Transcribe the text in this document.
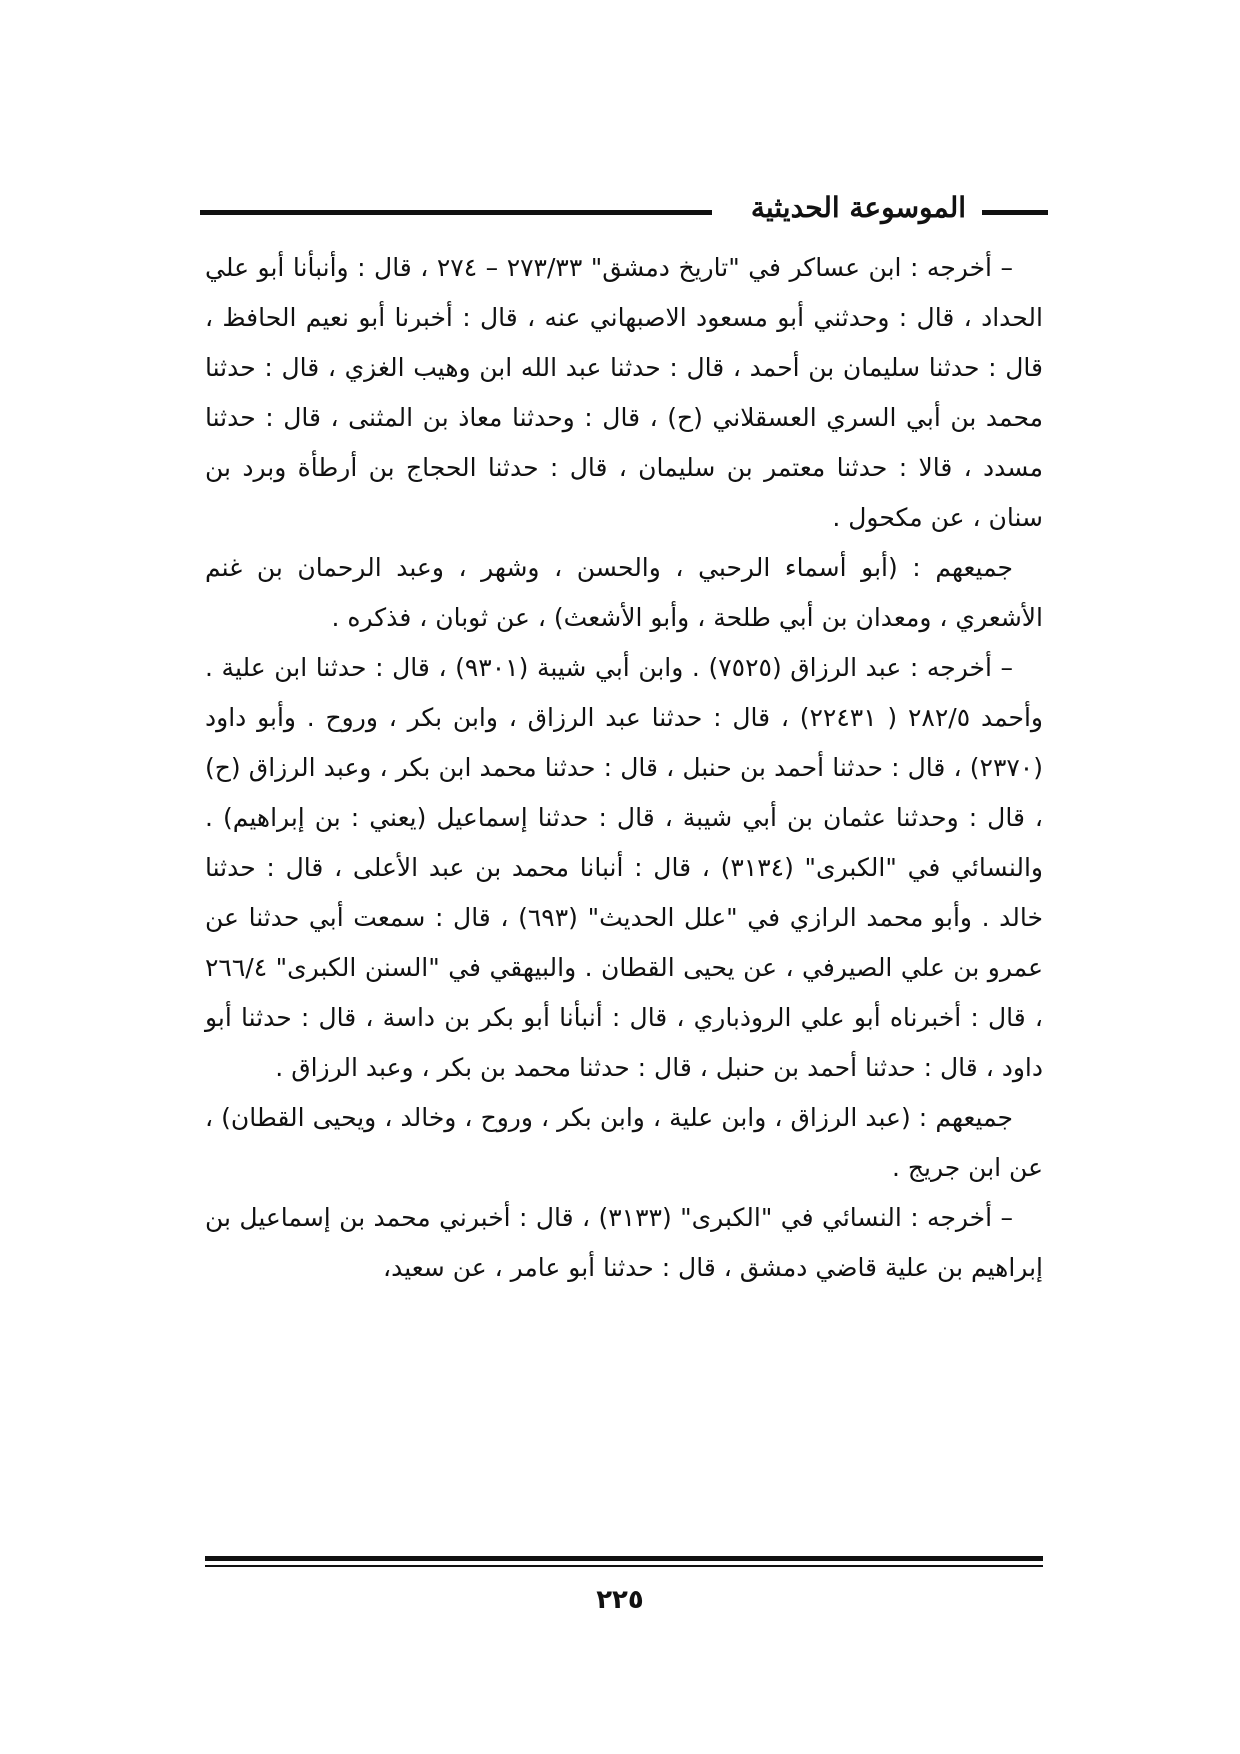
الموسوعة الحديثية

– أخرجه : ابن عساكر في "تاريخ دمشق" ٢٧٣/٣٣ – ٢٧٤ ، قال : وأنبأنا أبو علي الحداد ، قال : وحدثني أبو مسعود الاصبهاني عنه ، قال : أخبرنا أبو نعيم الحافظ ، قال : حدثنا سليمان بن أحمد ، قال : حدثنا عبد الله ابن وهيب الغزي ، قال : حدثنا محمد بن أبي السري العسقلاني (ح) ، قال : وحدثنا معاذ بن المثنى ، قال : حدثنا مسدد ، قالا : حدثنا معتمر بن سليمان ، قال : حدثنا الحجاج بن أرطأة وبرد بن سنان ، عن مكحول .

جميعهم : (أبو أسماء الرحبي ، والحسن ، وشهر ، وعبد الرحمان بن غنم الأشعري ، ومعدان بن أبي طلحة ، وأبو الأشعث) ، عن ثوبان ، فذكره .

– أخرجه : عبد الرزاق (٧٥٢٥) . وابن أبي شيبة (٩٣٠١) ، قال : حدثنا ابن علية . وأحمد ٢٨٢/٥ ( ٢٢٤٣١) ، قال : حدثنا عبد الرزاق ، وابن بكر ، وروح . وأبو داود (٢٣٧٠) ، قال : حدثنا أحمد بن حنبل ، قال : حدثنا محمد ابن بكر ، وعبد الرزاق (ح) ، قال : وحدثنا عثمان بن أبي شيبة ، قال : حدثنا إسماعيل (يعني : بن إبراهيم) . والنسائي في "الكبرى" (٣١٣٤) ، قال : أنبانا محمد بن عبد الأعلى ، قال : حدثنا خالد . وأبو محمد الرازي في "علل الحديث" (٦٩٣) ، قال : سمعت أبي حدثنا عن عمرو بن علي الصيرفي ، عن يحيى القطان . والبيهقي في "السنن الكبرى" ٢٦٦/٤ ، قال : أخبرناه أبو علي الروذباري ، قال : أنبأنا أبو بكر بن داسة ، قال : حدثنا أبو داود ، قال : حدثنا أحمد بن حنبل ، قال : حدثنا محمد بن بكر ، وعبد الرزاق .

جميعهم : (عبد الرزاق ، وابن علية ، وابن بكر ، وروح ، وخالد ، ويحيى القطان) ، عن ابن جريج .

– أخرجه : النسائي في "الكبرى" (٣١٣٣) ، قال : أخبرني محمد بن إسماعيل بن إبراهيم بن علية قاضي دمشق ، قال : حدثنا أبو عامر ، عن سعيد،

٢٢٥
